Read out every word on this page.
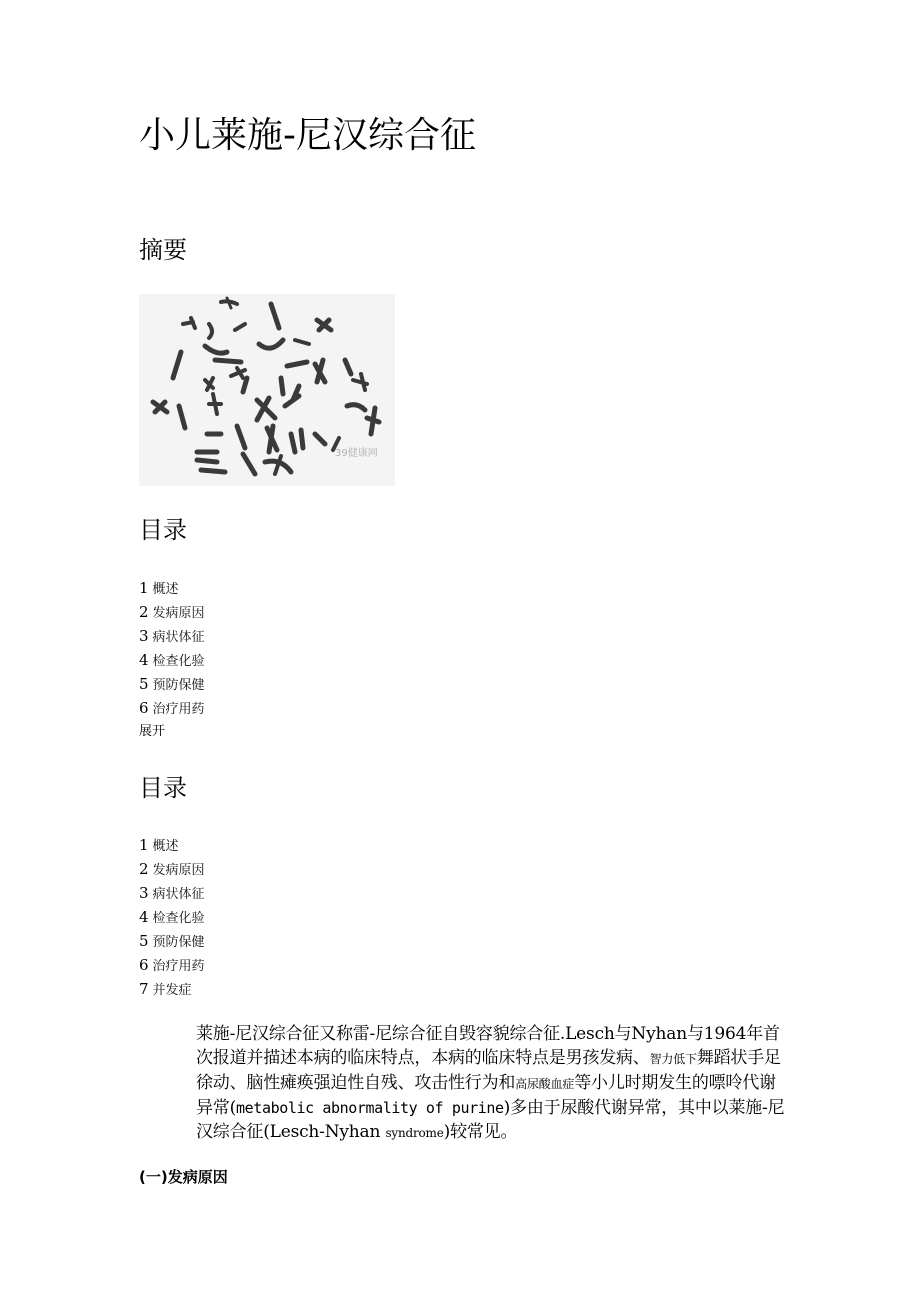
小儿莱施-尼汉综合征
摘要
39健康网
目录
1 概述
2 发病原因
3 病状体征
4 检查化验
5 预防保健
6 治疗用药
展开
目录
1 概述
2 发病原因
3 病状体征
4 检查化验
5 预防保健
6 治疗用药
7 并发症

莱施-尼汉综合征又称雷-尼综合征自毁容貌综合征.Lesch与Nyhan与1964年首次报道并描述本病的临床特点，本病的临床特点是男孩发病、智力低下舞蹈状手足徐动、脑性瘫痪强迫性自残、攻击性行为和高尿酸血症等小儿时期发生的嘌呤代谢异常(metabolic abnormality of purine)多由于尿酸代谢异常，其中以莱施-尼汉综合征(Lesch-Nyhan syndrome)较常见。

(一)发病原因
